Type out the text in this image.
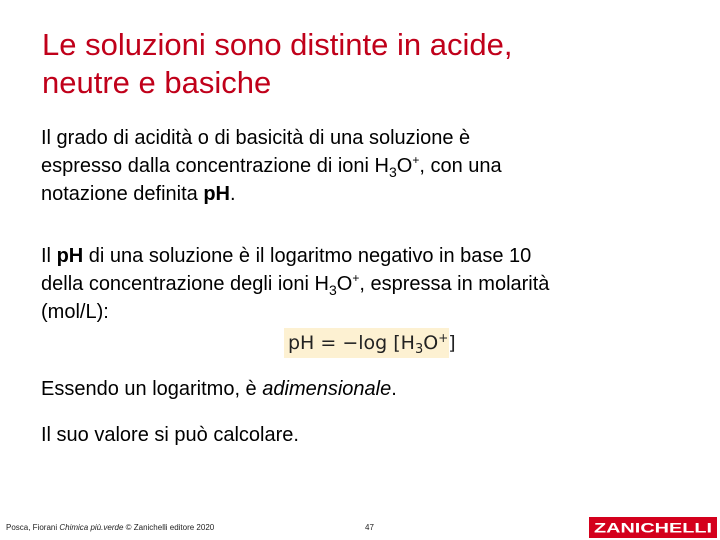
Le soluzioni sono distinte in acide,
neutre e basiche

Il grado di acidità o di basicità di una soluzione è
espresso dalla concentrazione di ioni $H_3O^+$, con una
notazione definita pH.

Il pH di una soluzione è il logaritmo negativo in base 10
della concentrazione degli ioni $H_3O^+$, espressa in molarità
(mol/L):

pH = −log $[H_3O^+]$

Essendo un logaritmo, è adimensionale.

Il suo valore si può calcolare.

Posca, Fiorani Chimica più.verde © Zanichelli editore 2020	47	ZANICHELLI
